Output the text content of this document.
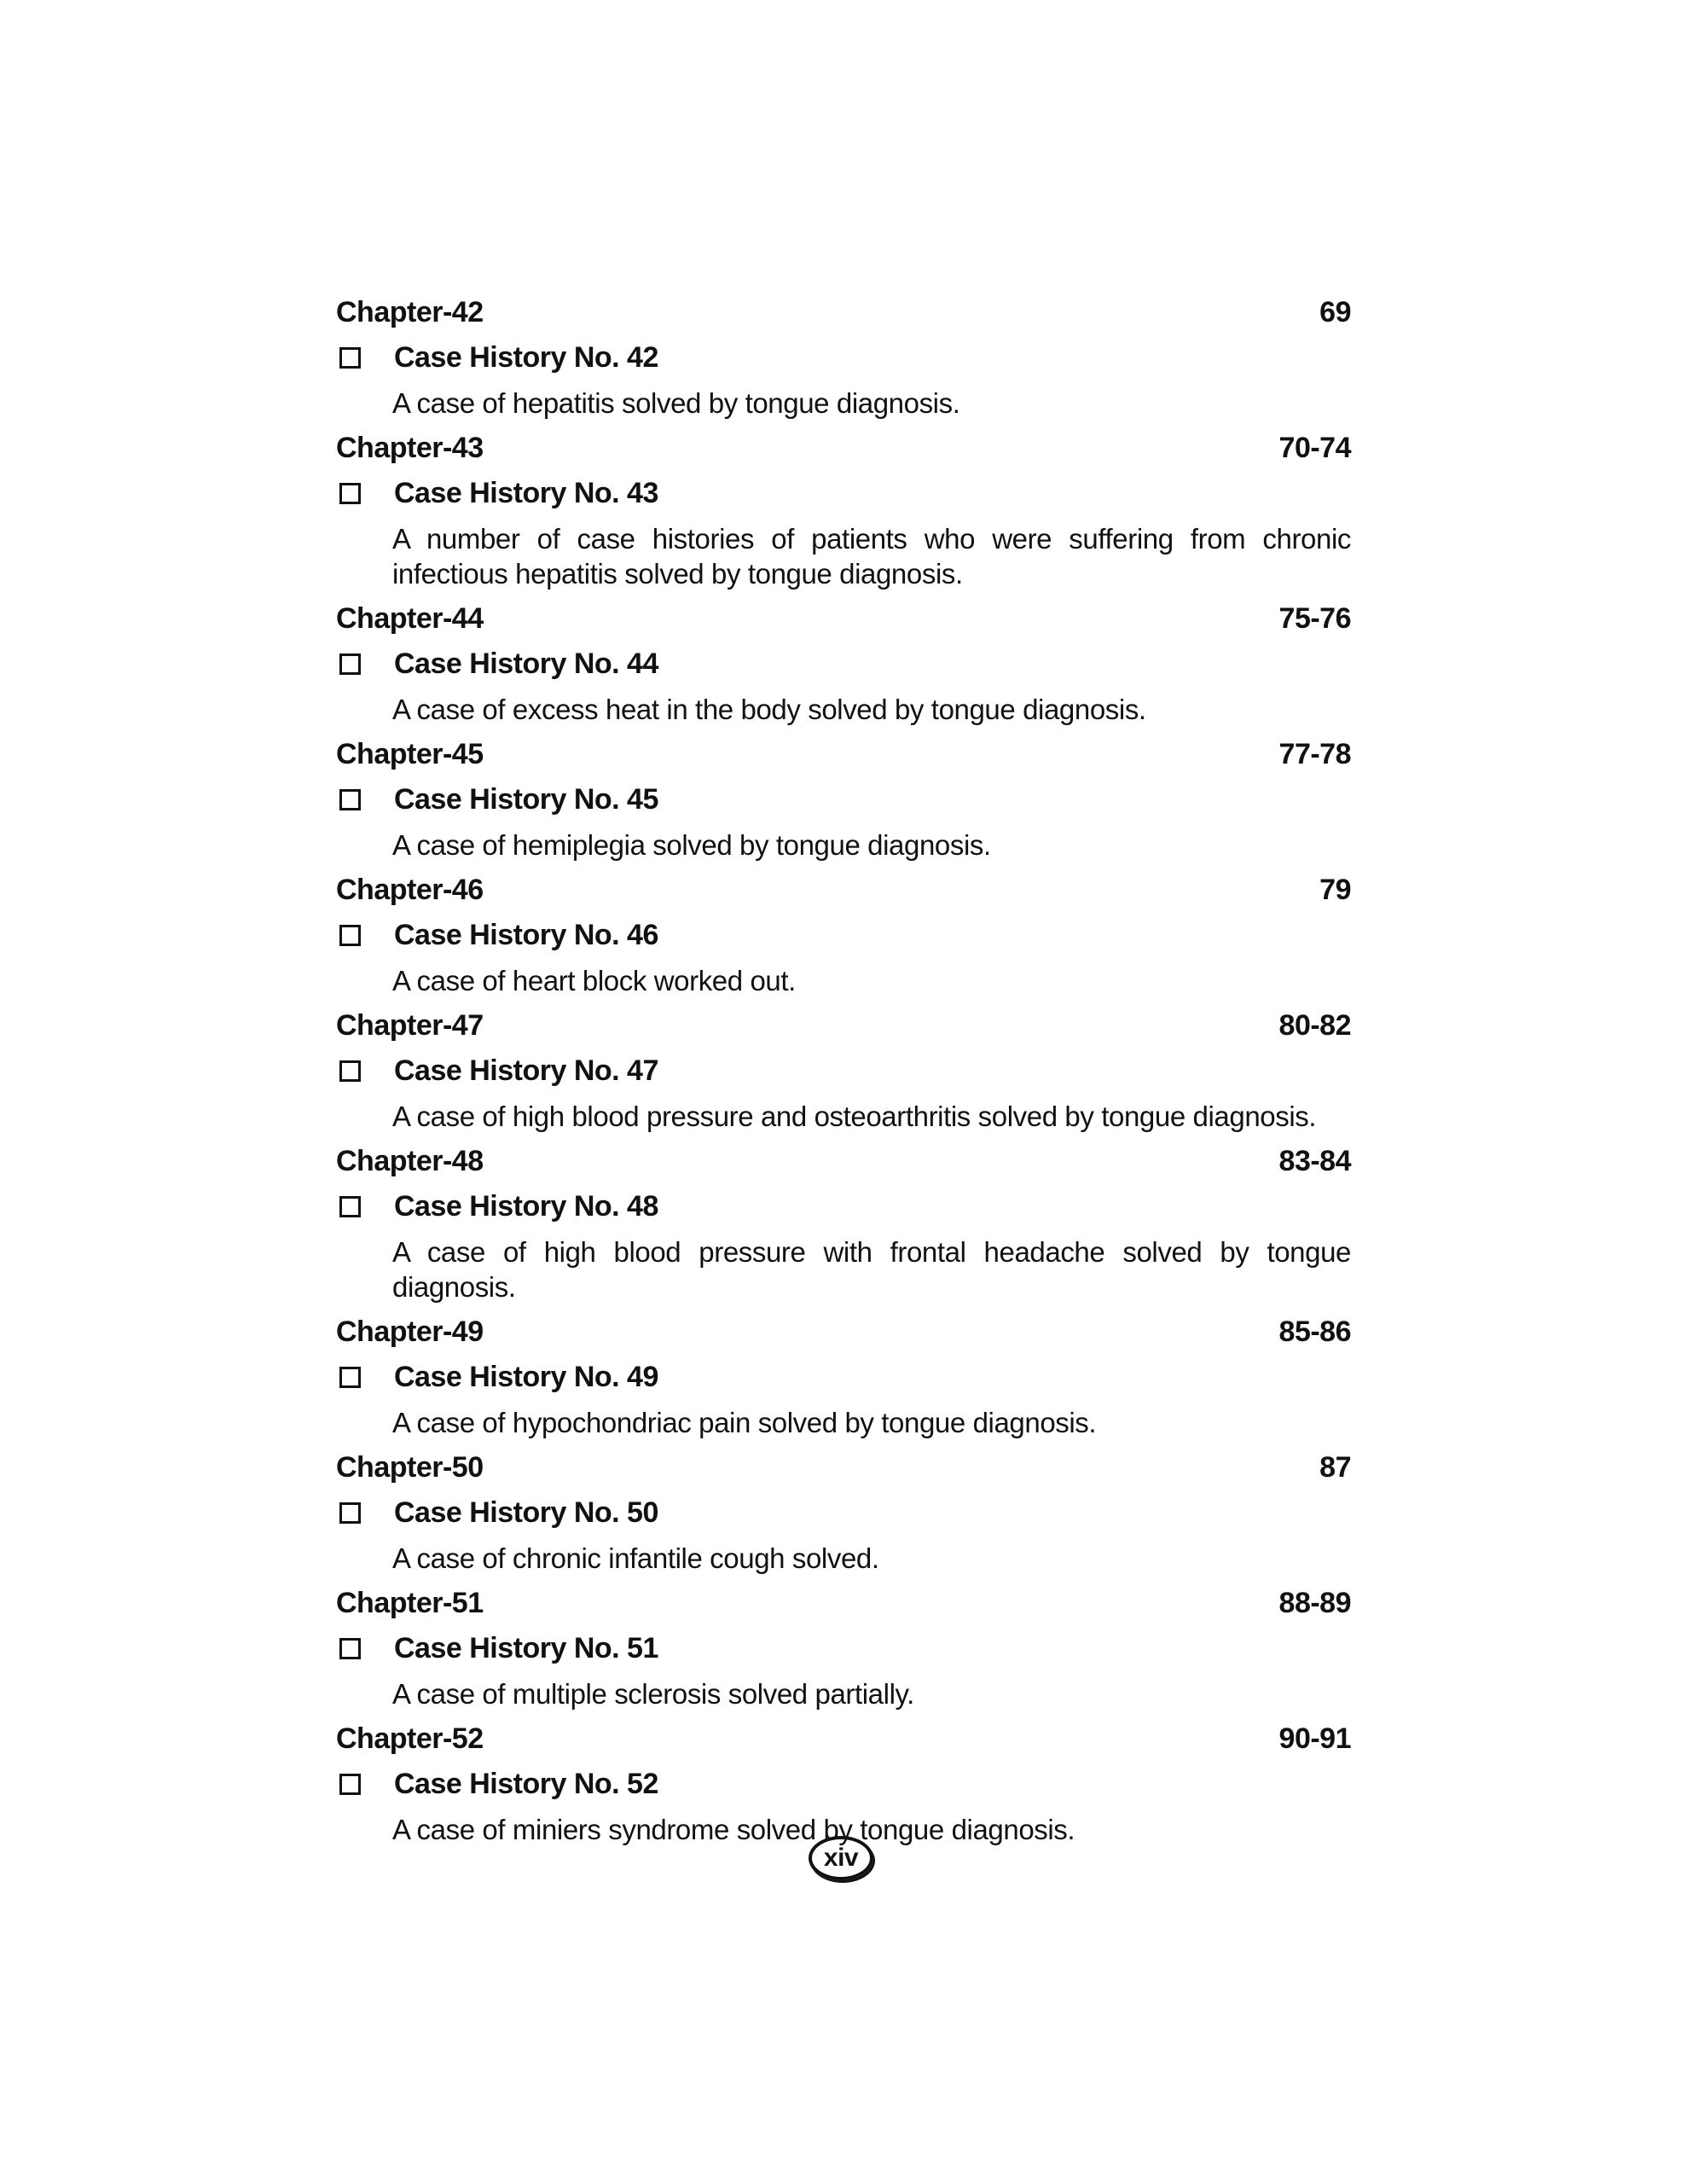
Chapter-42	69
Case History No. 42
A case of hepatitis solved by tongue diagnosis.
Chapter-43	70-74
Case History No. 43
A number of case histories of patients who were suffering from chronic infectious hepatitis solved by tongue diagnosis.
Chapter-44	75-76
Case History No. 44
A case of excess heat in the body solved by tongue diagnosis.
Chapter-45	77-78
Case History No. 45
A case of hemiplegia solved by tongue diagnosis.
Chapter-46	79
Case History No. 46
A case of heart block worked out.
Chapter-47	80-82
Case History No. 47
A case of high blood pressure and osteoarthritis solved by tongue diagnosis.
Chapter-48	83-84
Case History No. 48
A case of high blood pressure with frontal headache solved by tongue diagnosis.
Chapter-49	85-86
Case History No. 49
A case of hypochondriac pain solved by tongue diagnosis.
Chapter-50	87
Case History No. 50
A case of chronic infantile cough solved.
Chapter-51	88-89
Case History No. 51
A case of multiple sclerosis solved partially.
Chapter-52	90-91
Case History No. 52
A case of miniers syndrome solved by tongue diagnosis.
xiv
